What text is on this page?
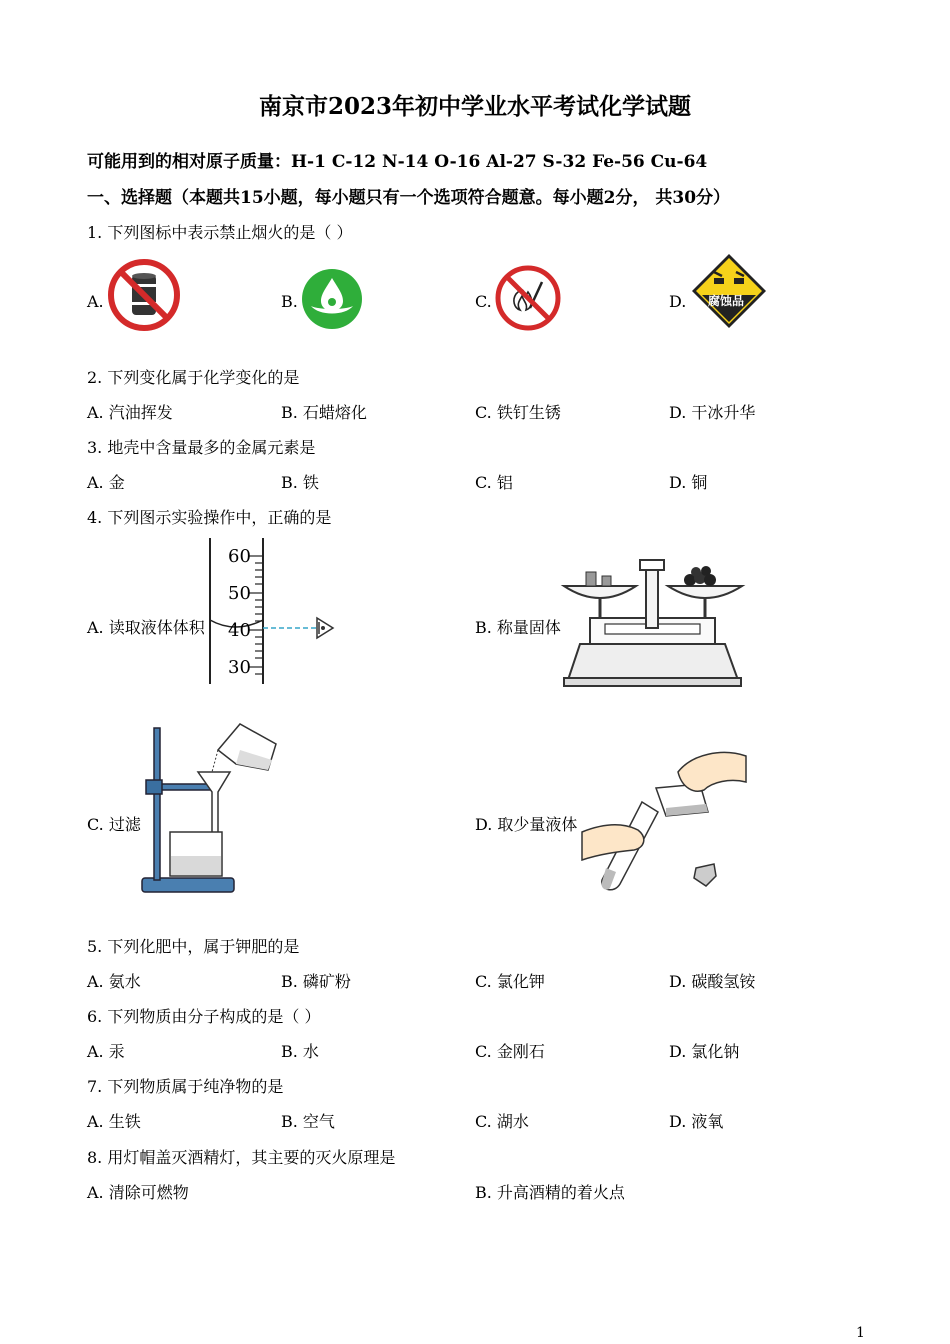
南京市2023年初中学业水平考试化学试题
可能用到的相对原子质量：H-1 C-12 N-14 O-16 Al-27 S-32 Fe-56 Cu-64
一、选择题（本题共15小题，每小题只有一个选项符合题意。每小题2分， 共30分）
1. 下列图标中表示禁止烟火的是（ ）
A.	B.	C.	D. 腐蚀品
2. 下列变化属于化学变化的是
A. 汽油挥发	B. 石蜡熔化	C. 铁钉生锈	D. 干冰升华
3. 地壳中含量最多的金属元素是
A. 金	B. 铁	C. 铝	D. 铜
4. 下列图示实验操作中，正确的是
A. 读取液体体积	B. 称量固体
C. 过滤	D. 取少量液体
60
50
40
30
5. 下列化肥中，属于钾肥的是
A. 氨水	B. 磷矿粉	C. 氯化钾	D. 碳酸氢铵
6. 下列物质由分子构成的是（ ）
A. 汞	B. 水	C. 金刚石	D. 氯化钠
7. 下列物质属于纯净物的是
A. 生铁	B. 空气	C. 湖水	D. 液氧
8. 用灯帽盖灭酒精灯，其主要的灭火原理是
A. 清除可燃物	B. 升高酒精的着火点
1
